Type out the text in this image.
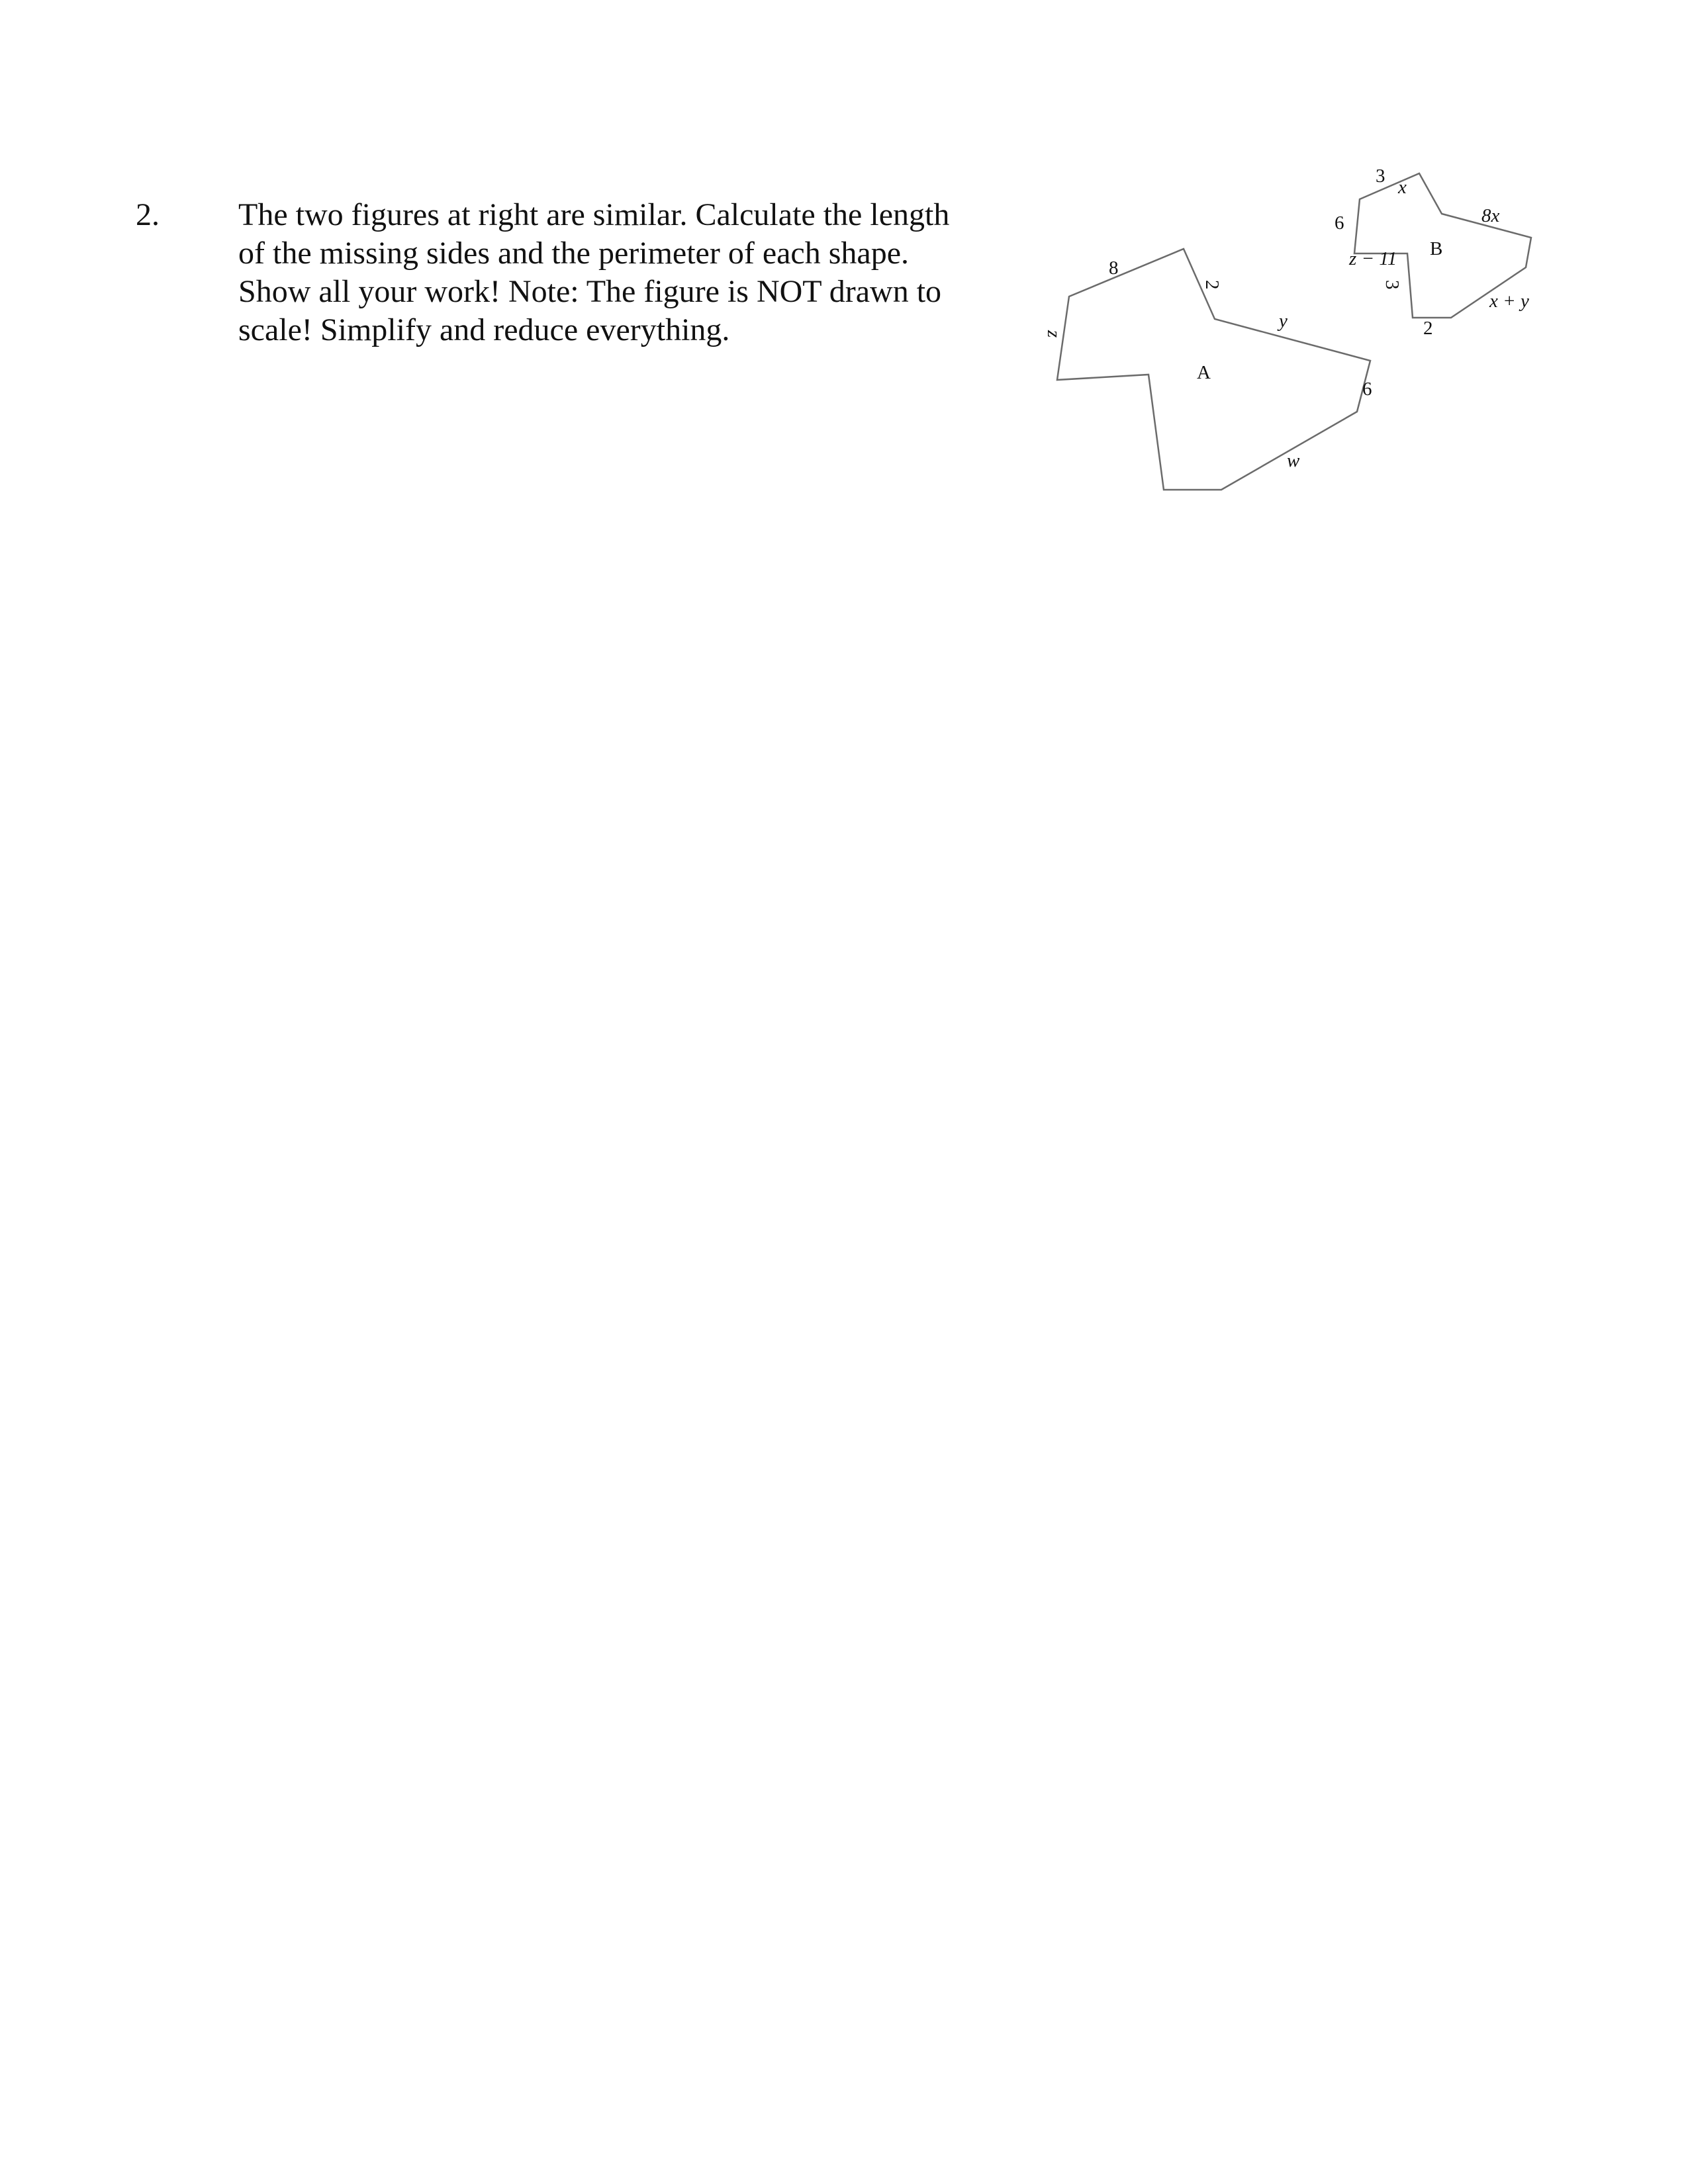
2. The two figures at right are similar. Calculate the length
of the missing sides and the perimeter of each shape.
Show all your work! Note: The figure is NOT drawn to
scale! Simplify and reduce everything.
A
8
2
y
6
w
z
B
3
x
8x
6
z − 11
3
2
x + y
